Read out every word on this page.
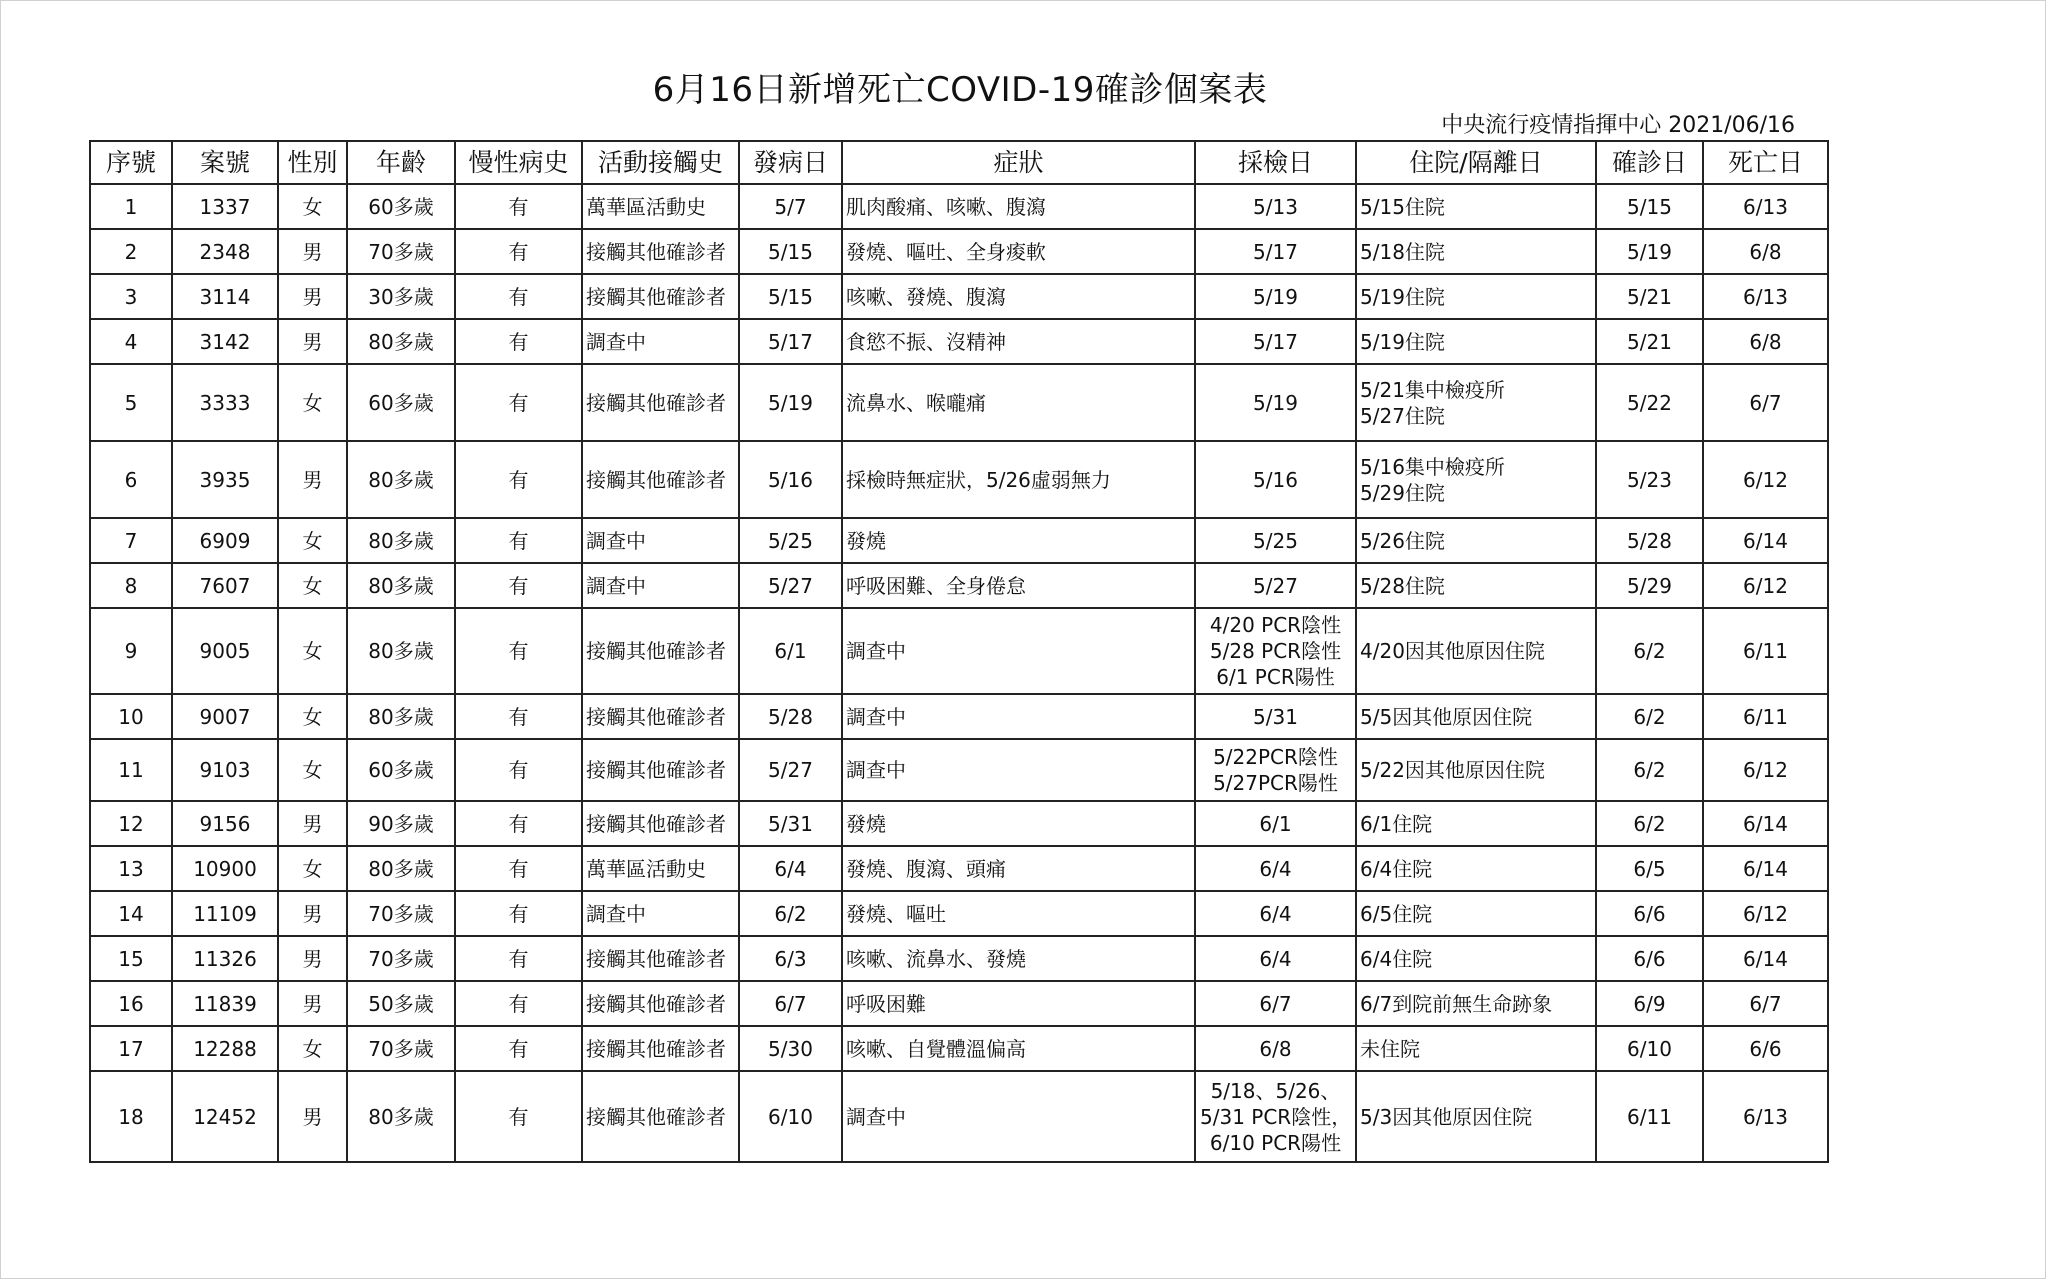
6月16日新增死亡COVID-19確診個案表
中央流行疫情指揮中心 2021/06/16
序號	案號	性別	年齡	慢性病史	活動接觸史	發病日	症狀	採檢日	住院/隔離日	確診日	死亡日
1	1337	女	60多歲	有	萬華區活動史	5/7	肌肉酸痛、咳嗽、腹瀉	5/13	5/15住院	5/15	6/13
2	2348	男	70多歲	有	接觸其他確診者	5/15	發燒、嘔吐、全身痠軟	5/17	5/18住院	5/19	6/8
3	3114	男	30多歲	有	接觸其他確診者	5/15	咳嗽、發燒、腹瀉	5/19	5/19住院	5/21	6/13
4	3142	男	80多歲	有	調查中	5/17	食慾不振、沒精神	5/17	5/19住院	5/21	6/8
5	3333	女	60多歲	有	接觸其他確診者	5/19	流鼻水、喉嚨痛	5/19	5/21集中檢疫所
5/27住院	5/22	6/7
6	3935	男	80多歲	有	接觸其他確診者	5/16	採檢時無症狀，5/26虛弱無力	5/16	5/16集中檢疫所
5/29住院	5/23	6/12
7	6909	女	80多歲	有	調查中	5/25	發燒	5/25	5/26住院	5/28	6/14
8	7607	女	80多歲	有	調查中	5/27	呼吸困難、全身倦怠	5/27	5/28住院	5/29	6/12
9	9005	女	80多歲	有	接觸其他確診者	6/1	調查中	4/20 PCR陰性
5/28 PCR陰性
6/1 PCR陽性	4/20因其他原因住院	6/2	6/11
10	9007	女	80多歲	有	接觸其他確診者	5/28	調查中	5/31	5/5因其他原因住院	6/2	6/11
11	9103	女	60多歲	有	接觸其他確診者	5/27	調查中	5/22PCR陰性
5/27PCR陽性	5/22因其他原因住院	6/2	6/12
12	9156	男	90多歲	有	接觸其他確診者	5/31	發燒	6/1	6/1住院	6/2	6/14
13	10900	女	80多歲	有	萬華區活動史	6/4	發燒、腹瀉、頭痛	6/4	6/4住院	6/5	6/14
14	11109	男	70多歲	有	調查中	6/2	發燒、嘔吐	6/4	6/5住院	6/6	6/12
15	11326	男	70多歲	有	接觸其他確診者	6/3	咳嗽、流鼻水、發燒	6/4	6/4住院	6/6	6/14
16	11839	男	50多歲	有	接觸其他確診者	6/7	呼吸困難	6/7	6/7到院前無生命跡象	6/9	6/7
17	12288	女	70多歲	有	接觸其他確診者	5/30	咳嗽、自覺體溫偏高	6/8	未住院	6/10	6/6
18	12452	男	80多歲	有	接觸其他確診者	6/10	調查中	5/18、5/26、
5/31 PCR陰性，
6/10 PCR陽性	5/3因其他原因住院	6/11	6/13
